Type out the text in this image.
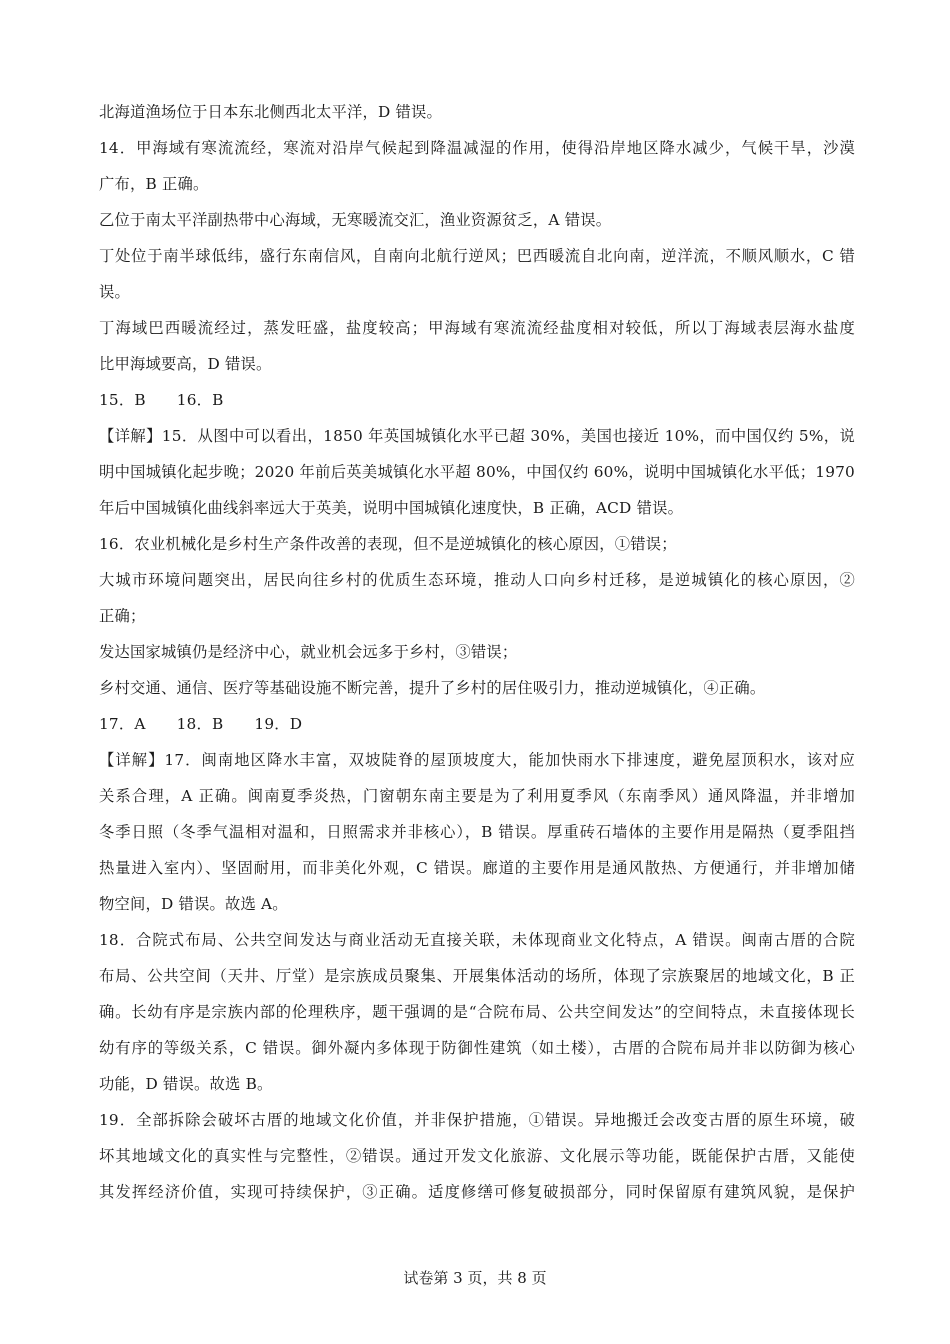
北海道渔场位于日本东北侧西北太平洋，D 错误。
14．甲海域有寒流流经，寒流对沿岸气候起到降温减湿的作用，使得沿岸地区降水减少，气候干旱，沙漠
广布，B 正确。
乙位于南太平洋副热带中心海域，无寒暖流交汇，渔业资源贫乏，A 错误。
丁处位于南半球低纬，盛行东南信风，自南向北航行逆风；巴西暖流自北向南，逆洋流，不顺风顺水，C 错
误。
丁海域巴西暖流经过，蒸发旺盛，盐度较高；甲海域有寒流流经盐度相对较低，所以丁海域表层海水盐度
比甲海域要高，D 错误。
15．B　　16．B
【详解】15．从图中可以看出，1850 年英国城镇化水平已超 30%，美国也接近 10%，而中国仅约 5%，说
明中国城镇化起步晚；2020 年前后英美城镇化水平超 80%，中国仅约 60%，说明中国城镇化水平低；1970
年后中国城镇化曲线斜率远大于英美，说明中国城镇化速度快，B 正确，ACD 错误。
16．农业机械化是乡村生产条件改善的表现，但不是逆城镇化的核心原因，①错误；
大城市环境问题突出，居民向往乡村的优质生态环境，推动人口向乡村迁移，是逆城镇化的核心原因，②
正确；
发达国家城镇仍是经济中心，就业机会远多于乡村，③错误；
乡村交通、通信、医疗等基础设施不断完善，提升了乡村的居住吸引力，推动逆城镇化，④正确。
17．A　　18．B　　19．D
【详解】17．闽南地区降水丰富，双坡陡脊的屋顶坡度大，能加快雨水下排速度，避免屋顶积水，该对应
关系合理，A 正确。闽南夏季炎热，门窗朝东南主要是为了利用夏季风（东南季风）通风降温，并非增加
冬季日照（冬季气温相对温和，日照需求并非核心），B 错误。厚重砖石墙体的主要作用是隔热（夏季阻挡
热量进入室内）、坚固耐用，而非美化外观，C 错误。廊道的主要作用是通风散热、方便通行，并非增加储
物空间，D 错误。故选 A。
18．合院式布局、公共空间发达与商业活动无直接关联，未体现商业文化特点，A 错误。闽南古厝的合院
布局、公共空间（天井、厅堂）是宗族成员聚集、开展集体活动的场所，体现了宗族聚居的地域文化，B 正
确。长幼有序是宗族内部的伦理秩序，题干强调的是“合院布局、公共空间发达”的空间特点，未直接体现长
幼有序的等级关系，C 错误。御外凝内多体现于防御性建筑（如土楼），古厝的合院布局并非以防御为核心
功能，D 错误。故选 B。
19．全部拆除会破坏古厝的地域文化价值，并非保护措施，①错误。异地搬迁会改变古厝的原生环境，破
坏其地域文化的真实性与完整性，②错误。通过开发文化旅游、文化展示等功能，既能保护古厝，又能使
其发挥经济价值，实现可持续保护，③正确。适度修缮可修复破损部分，同时保留原有建筑风貌，是保护
试卷第 3 页，共 8 页
